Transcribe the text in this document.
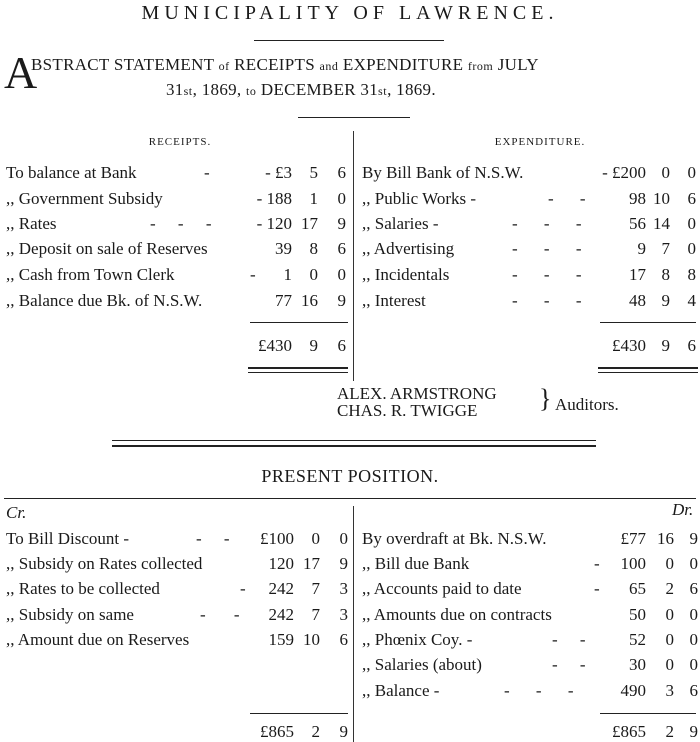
MUNICIPALITY OF LAWRENCE.
A
BSTRACT STATEMENT of RECEIPTS and EXPENDITURE from JULY
31st, 1869, to DECEMBER 31st, 1869.
RECEIPTS.	EXPENDITURE.
To balance at Bank	-	- £3	5	6
,, Government Subsidy	- 188	1	0
,, Rates	- - -	- 120 17	9
,, Deposit on sale of Reserves	39	8	6
,, Cash from Town Clerk	-	1	0	0
,, Balance due Bk. of N.S.W.	77 16	9
£430	9	6
By Bill Bank of N.S.W.	- £200 0	0
,, Public Works -	- -	98 10	6
,, Salaries -	- - -	56 14	0
,, Advertising	- - -	9 7	0
,, Incidentals	- - -	17 8	8
,, Interest	- - -	48 9	4
£430 9	6
ALEX. ARMSTRONG
CHAS. R. TWIGGE } Auditors.
PRESENT POSITION.
Cr.	Dr.
To Bill Discount -	- -	£100	0	0
,, Subsidy on Rates collected	120 17	9
,, Rates to be collected	-	242	7	3
,, Subsidy on same	- -	242	7	3
,, Amount due on Reserves	159 10	6
£865	2	9
By overdraft at Bk. N.S.W.	£77 16 9
,, Bill due Bank	-	100	0 0
,, Accounts paid to date	-	65	2 6
,, Amounts due on contracts	50	0 0
,, Phœnix Coy. -	- -	52	0 0
,, Salaries (about)	- -	30	0 0
,, Balance -	- - -	490	3 6
£865	2 9
